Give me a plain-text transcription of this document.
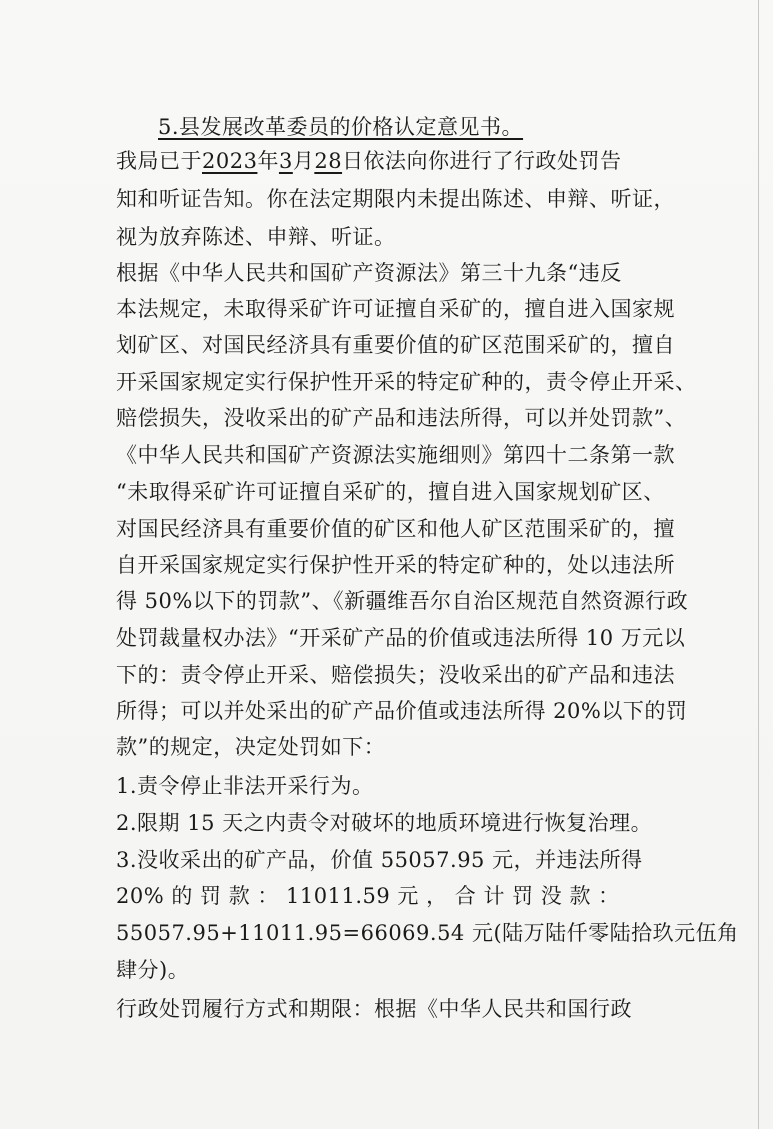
5.县发展改革委员的价格认定意见书。
我局已于2023年3月28日依法向你进行了行政处罚告
知和听证告知。你在法定期限内未提出陈述、申辩、听证，
视为放弃陈述、申辩、听证。
根据《中华人民共和国矿产资源法》第三十九条“违反
本法规定，未取得采矿许可证擅自采矿的，擅自进入国家规
划矿区、对国民经济具有重要价值的矿区范围采矿的，擅自
开采国家规定实行保护性开采的特定矿种的，责令停止开采、
赔偿损失，没收采出的矿产品和违法所得，可以并处罚款”、
《中华人民共和国矿产资源法实施细则》第四十二条第一款
“未取得采矿许可证擅自采矿的，擅自进入国家规划矿区、
对国民经济具有重要价值的矿区和他人矿区范围采矿的，擅
自开采国家规定实行保护性开采的特定矿种的，处以违法所
得 50%以下的罚款”、《新疆维吾尔自治区规范自然资源行政
处罚裁量权办法》“开采矿产品的价值或违法所得 10 万元以
下的：责令停止开采、赔偿损失；没收采出的矿产品和违法
所得；可以并处采出的矿产品价值或违法所得 20%以下的罚
款”的规定，决定处罚如下：
1.责令停止非法开采行为。
2.限期 15 天之内责令对破坏的地质环境进行恢复治理。
3.没收采出的矿产品，价值 55057.95 元，并违法所得
20% 的 罚 款 ： 11011.59 元 ， 合 计 罚 没 款 ：
55057.95+11011.95=66069.54 元(陆万陆仟零陆拾玖元伍角
肆分)。
行政处罚履行方式和期限：根据《中华人民共和国行政
